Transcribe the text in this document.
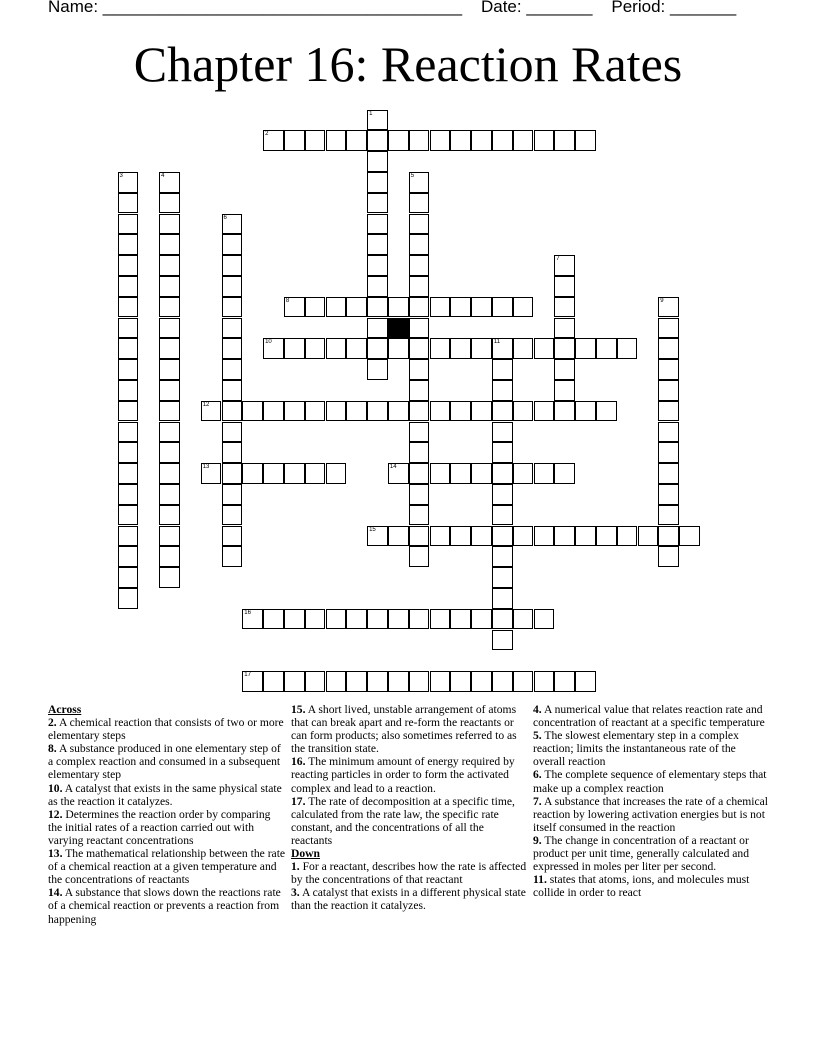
Name: ______________________________________    Date: _______    Period: _______
Chapter 16: Reaction Rates
2
8
10	11
12
13	14
15
16
17
1
3	4	5
6
7
9

Across

2. A chemical reaction that consists of two or more elementary steps

8. A substance produced in one elementary step of a complex reaction and consumed in a subsequent elementary step

10. A catalyst that exists in the same physical state as the reaction it catalyzes.

12. Determines the reaction order by comparing the initial rates of a reaction carried out with varying reactant concentrations

13. The mathematical relationship between the rate of a chemical reaction at a given temperature and the concentrations of reactants

14. A substance that slows down the reactions rate of a chemical reaction or prevents a reaction from happening

15. A short lived, unstable arrangement of atoms that can break apart and re-form the reactants or can form products; also sometimes referred to as the transition state.

16. The minimum amount of energy required by reacting particles in order to form the activated complex and lead to a reaction.

17. The rate of decomposition at a specific time, calculated from the rate law, the specific rate constant, and the concentrations of all the reactants

Down

1. For a reactant, describes how the rate is affected by the concentrations of that reactant

3. A catalyst that exists in a different physical state than the reaction it catalyzes.

4. A numerical value that relates reaction rate and concentration of reactant at a specific temperature

5. The slowest elementary step in a complex reaction; limits the instantaneous rate of the overall reaction

6. The complete sequence of elementary steps that make up a complex reaction

7. A substance that increases the rate of a chemical reaction by lowering activation energies but is not itself consumed in the reaction

9. The change in concentration of a reactant or product per unit time, generally calculated and expressed in moles per liter per second.

11. states that atoms, ions, and molecules must collide in order to react
